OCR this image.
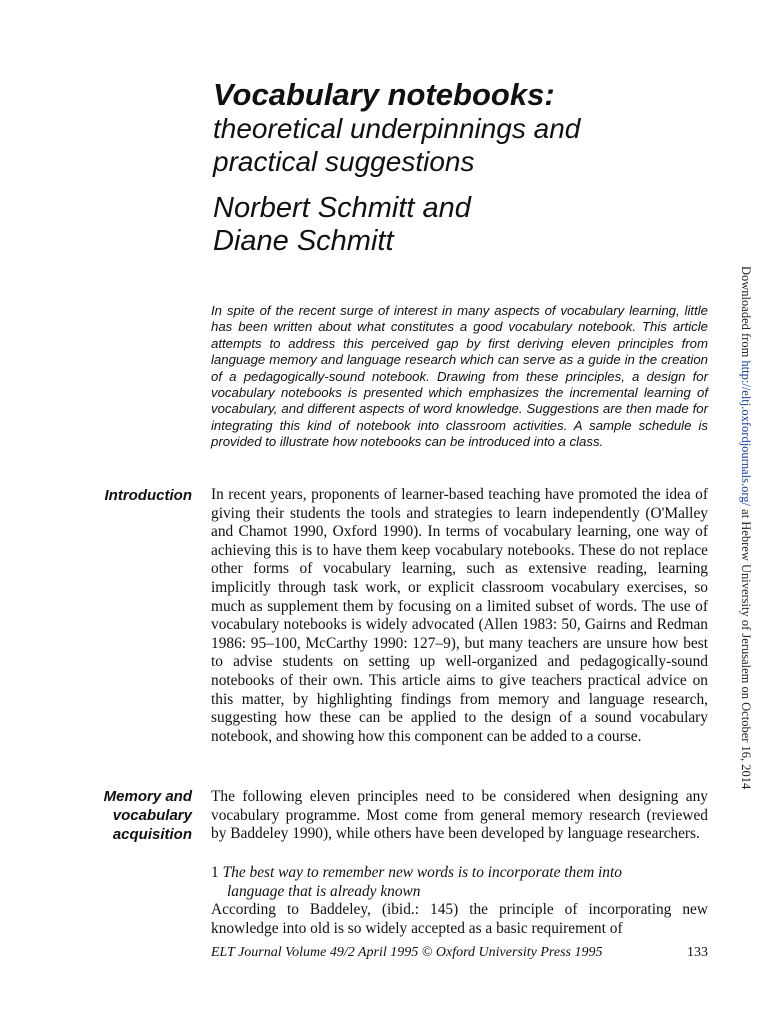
Vocabulary notebooks:
theoretical underpinnings and
practical suggestions
Norbert Schmitt and
Diane Schmitt

In spite of the recent surge of interest in many aspects of vocabulary learning, little has been written about what constitutes a good vocabulary notebook. This article attempts to address this perceived gap by first deriving eleven principles from language memory and language research which can serve as a guide in the creation of a pedagogically-sound notebook. Drawing from these principles, a design for vocabulary notebooks is presented which emphasizes the incremental learning of vocabulary, and different aspects of word knowledge. Suggestions are then made for integrating this kind of notebook into classroom activities. A sample schedule is provided to illustrate how notebooks can be introduced into a class.

Introduction In recent years, proponents of learner-based teaching have promoted the idea of giving their students the tools and strategies to learn independently (O'Malley and Chamot 1990, Oxford 1990). In terms of vocabulary learning, one way of achieving this is to have them keep vocabulary notebooks. These do not replace other forms of vocabulary learning, such as extensive reading, learning implicitly through task work, or explicit classroom vocabulary exercises, so much as supplement them by focusing on a limited subset of words. The use of vocabulary notebooks is widely advocated (Allen 1983: 50, Gairns and Redman 1986: 95–100, McCarthy 1990: 127–9), but many teachers are unsure how best to advise students on setting up well-organized and pedagogically-sound notebooks of their own. This article aims to give teachers practical advice on this matter, by highlighting findings from memory and language research, suggesting how these can be applied to the design of a sound vocabulary notebook, and showing how this component can be added to a course.

Memory and
vocabulary
acquisition

The following eleven principles need to be considered when designing any vocabulary programme. Most come from general memory research (reviewed by Baddeley 1990), while others have been developed by language researchers.

1 The best way to remember new words is to incorporate them into
language that is already known
According to Baddeley, (ibid.: 145) the principle of incorporating new knowledge into old is so widely accepted as a basic requirement of
ELT Journal Volume 49/2 April 1995 © Oxford University Press 1995	133
Downloaded from http://eltj.oxfordjournals.org/ at Hebrew University of Jerusalem on October 16, 2014
